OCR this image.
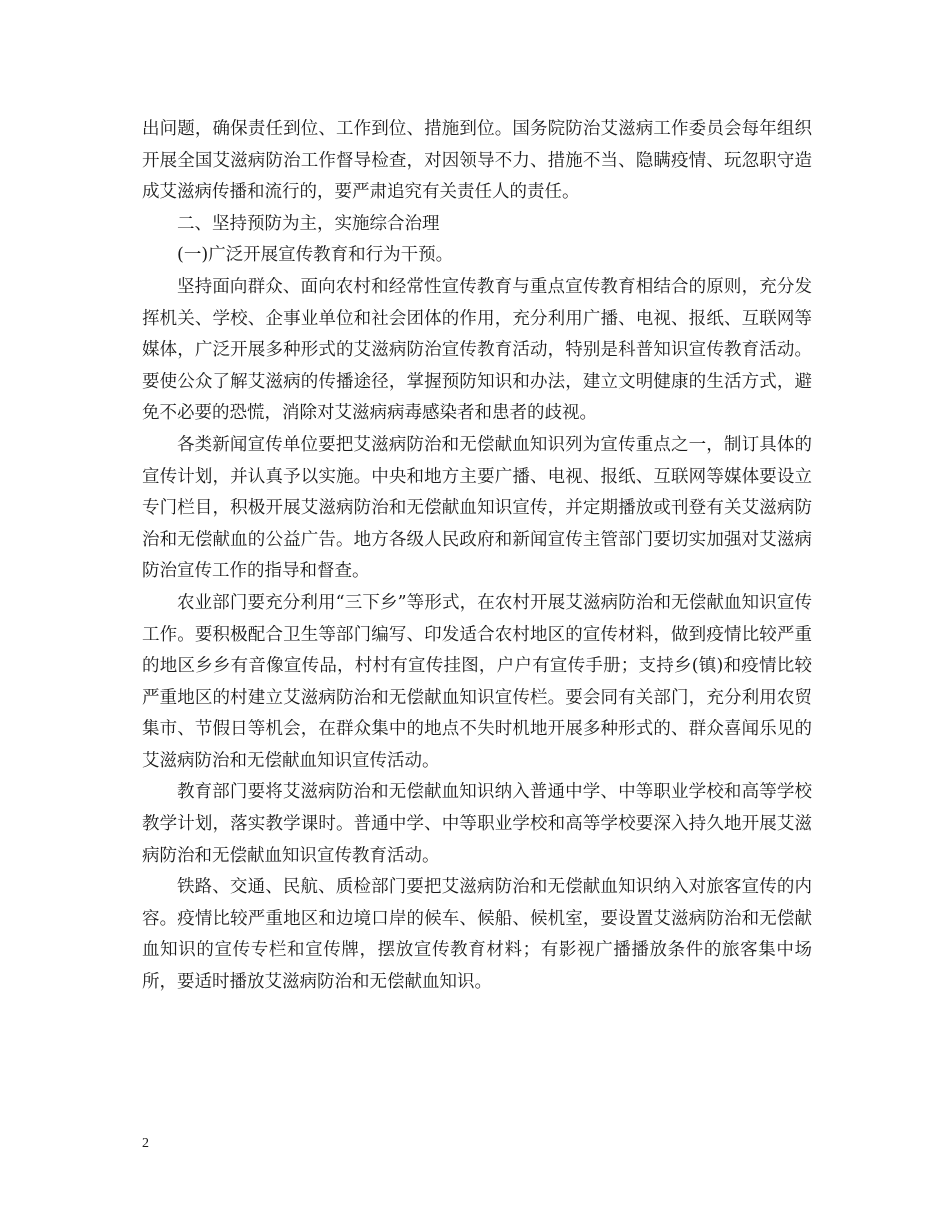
出问题，确保责任到位、工作到位、措施到位。国务院防治艾滋病工作委员会每年组织开展全国艾滋病防治工作督导检查，对因领导不力、措施不当、隐瞒疫情、玩忽职守造成艾滋病传播和流行的，要严肃追究有关责任人的责任。

二、坚持预防为主，实施综合治理

(一)广泛开展宣传教育和行为干预。

坚持面向群众、面向农村和经常性宣传教育与重点宣传教育相结合的原则，充分发挥机关、学校、企事业单位和社会团体的作用，充分利用广播、电视、报纸、互联网等媒体，广泛开展多种形式的艾滋病防治宣传教育活动，特别是科普知识宣传教育活动。要使公众了解艾滋病的传播途径，掌握预防知识和办法，建立文明健康的生活方式，避免不必要的恐慌，消除对艾滋病病毒感染者和患者的歧视。

各类新闻宣传单位要把艾滋病防治和无偿献血知识列为宣传重点之一，制订具体的宣传计划，并认真予以实施。中央和地方主要广播、电视、报纸、互联网等媒体要设立专门栏目，积极开展艾滋病防治和无偿献血知识宣传，并定期播放或刊登有关艾滋病防治和无偿献血的公益广告。地方各级人民政府和新闻宣传主管部门要切实加强对艾滋病防治宣传工作的指导和督查。

农业部门要充分利用“三下乡”等形式，在农村开展艾滋病防治和无偿献血知识宣传工作。要积极配合卫生等部门编写、印发适合农村地区的宣传材料，做到疫情比较严重的地区乡乡有音像宣传品，村村有宣传挂图，户户有宣传手册；支持乡(镇)和疫情比较严重地区的村建立艾滋病防治和无偿献血知识宣传栏。要会同有关部门，充分利用农贸集市、节假日等机会，在群众集中的地点不失时机地开展多种形式的、群众喜闻乐见的艾滋病防治和无偿献血知识宣传活动。

教育部门要将艾滋病防治和无偿献血知识纳入普通中学、中等职业学校和高等学校教学计划，落实教学课时。普通中学、中等职业学校和高等学校要深入持久地开展艾滋病防治和无偿献血知识宣传教育活动。

铁路、交通、民航、质检部门要把艾滋病防治和无偿献血知识纳入对旅客宣传的内容。疫情比较严重地区和边境口岸的候车、候船、候机室，要设置艾滋病防治和无偿献血知识的宣传专栏和宣传牌，摆放宣传教育材料；有影视广播播放条件的旅客集中场所，要适时播放艾滋病防治和无偿献血知识。

2
